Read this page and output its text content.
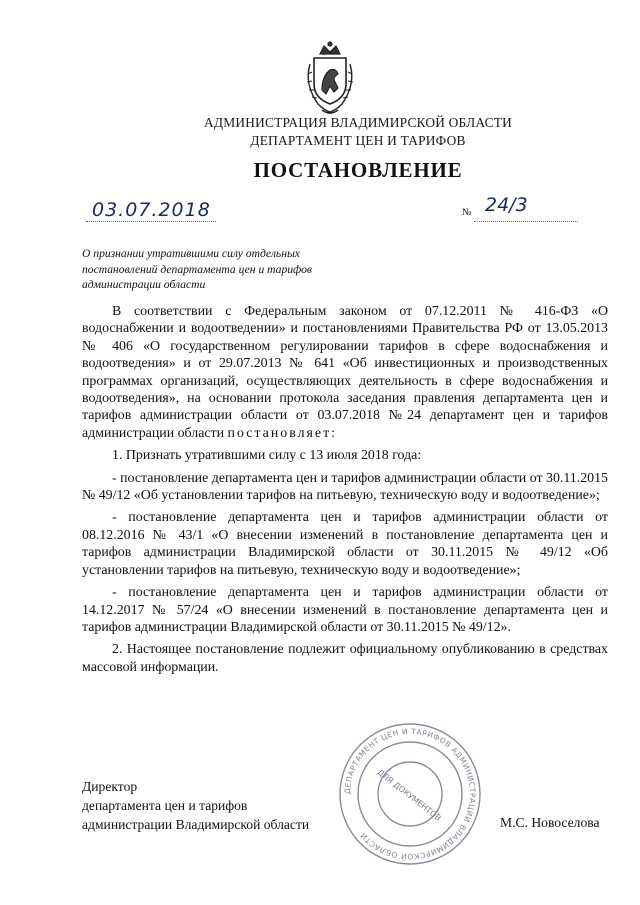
АДМИНИСТРАЦИЯ ВЛАДИМИРСКОЙ ОБЛАСТИ
ДЕПАРТАМЕНТ ЦЕН И ТАРИФОВ
ПОСТАНОВЛЕНИЕ
03.07.2018	№ 24/3
О признании утратившими силу отдельных
постановлений департамента цен и тарифов
администрации области

В соответствии с Федеральным законом от 07.12.2011 № 416-ФЗ «О водоснабжении и водоотведении» и постановлениями Правительства РФ от 13.05.2013 № 406 «О государственном регулировании тарифов в сфере водоснабжения и водоотведения» и от 29.07.2013 № 641 «Об инвестиционных и производственных программах организаций, осуществляющих деятельность в сфере водоснабжения и водоотведения», на основании протокола заседания правления департамента цен и тарифов администрации области от 03.07.2018 №24 департамент цен и тарифов администрации области постановляет:

1. Признать утратившими силу с 13 июля 2018 года:

- постановление департамента цен и тарифов администрации области от 30.11.2015 № 49/12 «Об установлении тарифов на питьевую, техническую воду и водоотведение»;

- постановление департамента цен и тарифов администрации области от 08.12.2016 № 43/1 «О внесении изменений в постановление департамента цен и тарифов администрации Владимирской области от 30.11.2015 № 49/12 «Об установлении тарифов на питьевую, техническую воду и водоотведение»;

- постановление департамента цен и тарифов администрации области от 14.12.2017 № 57/24 «О внесении изменений в постановление департамента цен и тарифов администрации Владимирской области от 30.11.2015 № 49/12».

2. Настоящее постановление подлежит официальному опубликованию в средствах массовой информации.

ДЕПАРТАМЕНТ ЦЕН И ТАРИФОВ АДМИНИСТРАЦИИ ВЛАДИМИРСКОЙ ОБЛАСТИ
ДЛЯ ДОКУМЕНТОВ
Директор
департамента цен и тарифов
администрации Владимирской области	М.С. Новоселова
